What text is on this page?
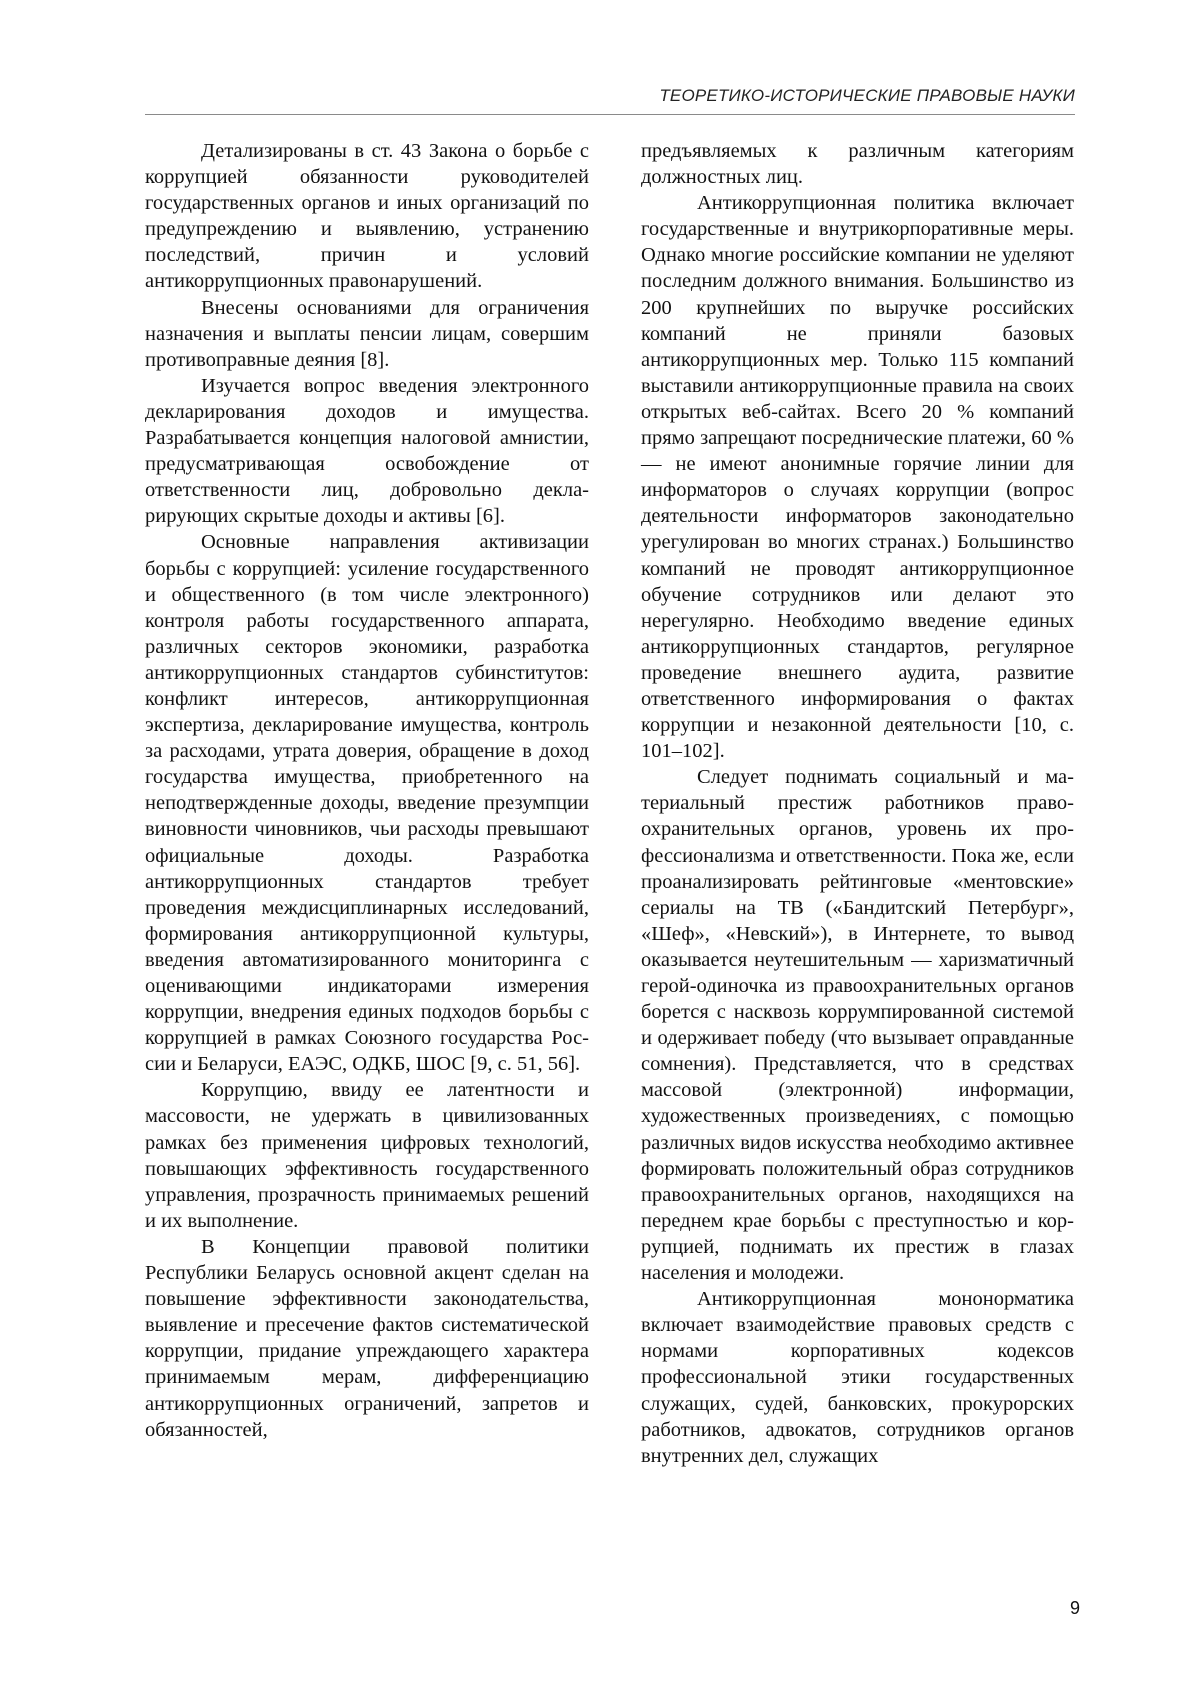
ТЕОРЕТИКО-ИСТОРИЧЕСКИЕ ПРАВОВЫЕ НАУКИ

Детализированы в ст. 43 Закона о борьбе с коррупцией обязанности руководителей государственных органов и иных организаций по предупреждению и выявлению, устранению последствий, причин и условий антикоррупционных правонарушений.

Внесены основаниями для ограничения назначения и выплаты пенсии лицам, совершим противоправные деяния [8].

Изучается вопрос введения электронного декларирования доходов и имущества. Разрабатывается концепция налоговой амнистии, предусматривающая освобождение от ответственности лиц, добровольно декларирующих скрытые доходы и активы [6].

Основные направления активизации борьбы с коррупцией: усиление государственного и общественного (в том числе электронного) контроля работы государственного аппарата, различных секторов экономики, разработка антикоррупционных стандартов субинститутов: конфликт интересов, антикоррупционная экспертиза, декларирование имущества, контроль за расходами, утрата доверия, обращение в доход государства имущества, приобретенного на неподтвержденные доходы, введение презумпции виновности чиновников, чьи расходы превышают официальные доходы. Разработка антикоррупционных стандартов требует проведения междисциплинарных исследований, формирования антикоррупционной культуры, введения автоматизированного мониторинга с оценивающими индикаторами измерения коррупции, внедрения единых подходов борьбы с коррупцией в рамках Союзного государства России и Беларуси, ЕАЭС, ОДКБ, ШОС [9, с. 51, 56].

Коррупцию, ввиду ее латентности и массовости, не удержать в цивилизованных рамках без применения цифровых технологий, повышающих эффективность государственного управления, прозрачность принимаемых решений и их выполнение.

В Концепции правовой политики Республики Беларусь основной акцент сделан на повышение эффективности законодательства, выявление и пресечение фактов систематической коррупции, придание упреждающего характера принимаемым мерам, дифференциацию антикоррупционных ограничений, запретов и обязанностей,

предъявляемых к различным категориям должностных лиц.

Антикоррупционная политика включает государственные и внутрикорпоративные меры. Однако многие российские компании не уделяют последним должного внимания. Большинство из 200 крупнейших по выручке российских компаний не приняли базовых антикоррупционных мер. Только 115 компаний выставили антикоррупционные правила на своих открытых веб-сайтах. Всего 20 % компаний прямо запрещают посреднические платежи, 60 % — не имеют анонимные горячие линии для информаторов о случаях коррупции (вопрос деятельности информаторов законодательно урегулирован во многих странах.) Большинство компаний не проводят антикоррупционное обучение сотрудников или делают это нерегулярно. Необходимо введение единых антикоррупционных стандартов, регулярное проведение внешнего аудита, развитие ответственного информирования о фактах коррупции и незаконной деятельности [10, с. 101–102].

Следует поднимать социальный и материальный престиж работников правоохранительных органов, уровень их профессионализма и ответственности. Пока же, если проанализировать рейтинговые «ментовские» сериалы на ТВ («Бандитский Петербург», «Шеф», «Невский»), в Интернете, то вывод оказывается неутешительным — харизматичный герой-одиночка из правоохранительных органов борется с насквозь коррумпированной системой и одерживает победу (что вызывает оправданные сомнения). Представляется, что в средствах массовой (электронной) информации, художественных произведениях, с помощью различных видов искусства необходимо активнее формировать положительный образ сотрудников правоохранительных органов, находящихся на переднем крае борьбы с преступностью и коррупцией, поднимать их престиж в глазах населения и молодежи.

Антикоррупционная мононорматика включает взаимодействие правовых средств с нормами корпоративных кодексов профессиональной этики государственных служащих, судей, банковских, прокурорских работников, адвокатов, сотрудников органов внутренних дел, служащих

9
